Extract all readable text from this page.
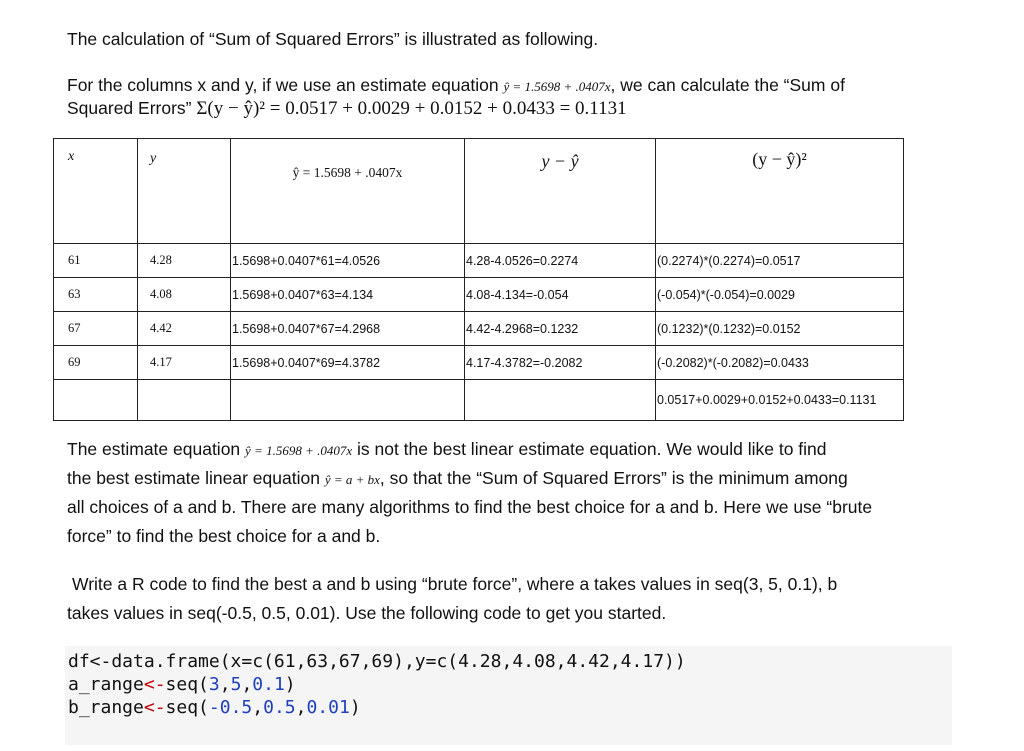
The calculation of “Sum of Squared Errors” is illustrated as following.
For the columns x and y, if we use an estimate equation ŷ = 1.5698 + .0407x, we can calculate the “Sum of
Squared Errors” Σ(y − ŷ)² = 0.0517 + 0.0029 + 0.0152 + 0.0433 = 0.1131
x	y	ŷ = 1.5698 + .0407x	y − ŷ	(y − ŷ)²
61	4.28	1.5698+0.0407*61=4.0526	4.28-4.0526=0.2274	(0.2274)*(0.2274)=0.0517
63	4.08	1.5698+0.0407*63=4.134	4.08-4.134=-0.054	(-0.054)*(-0.054)=0.0029
67	4.42	1.5698+0.0407*67=4.2968	4.42-4.2968=0.1232	(0.1232)*(0.1232)=0.0152
69	4.17	1.5698+0.0407*69=4.3782	4.17-4.3782=-0.2082	(-0.2082)*(-0.2082)=0.0433
				0.0517+0.0029+0.0152+0.0433=0.1131
The estimate equation ŷ = 1.5698 + .0407x is not the best linear estimate equation. We would like to find
the best estimate linear equation ŷ = a + bx, so that the “Sum of Squared Errors” is the minimum among
all choices of a and b. There are many algorithms to find the best choice for a and b. Here we use “brute
force” to find the best choice for a and b.
Write a R code to find the best a and b using “brute force”, where a takes values in seq(3, 5, 0.1), b
takes values in seq(-0.5, 0.5, 0.01). Use the following code to get you started.
df<-data.frame(x=c(61,63,67,69),y=c(4.28,4.08,4.42,4.17))
a_range<-seq(3,5,0.1)
b_range<-seq(-0.5,0.5,0.01)
